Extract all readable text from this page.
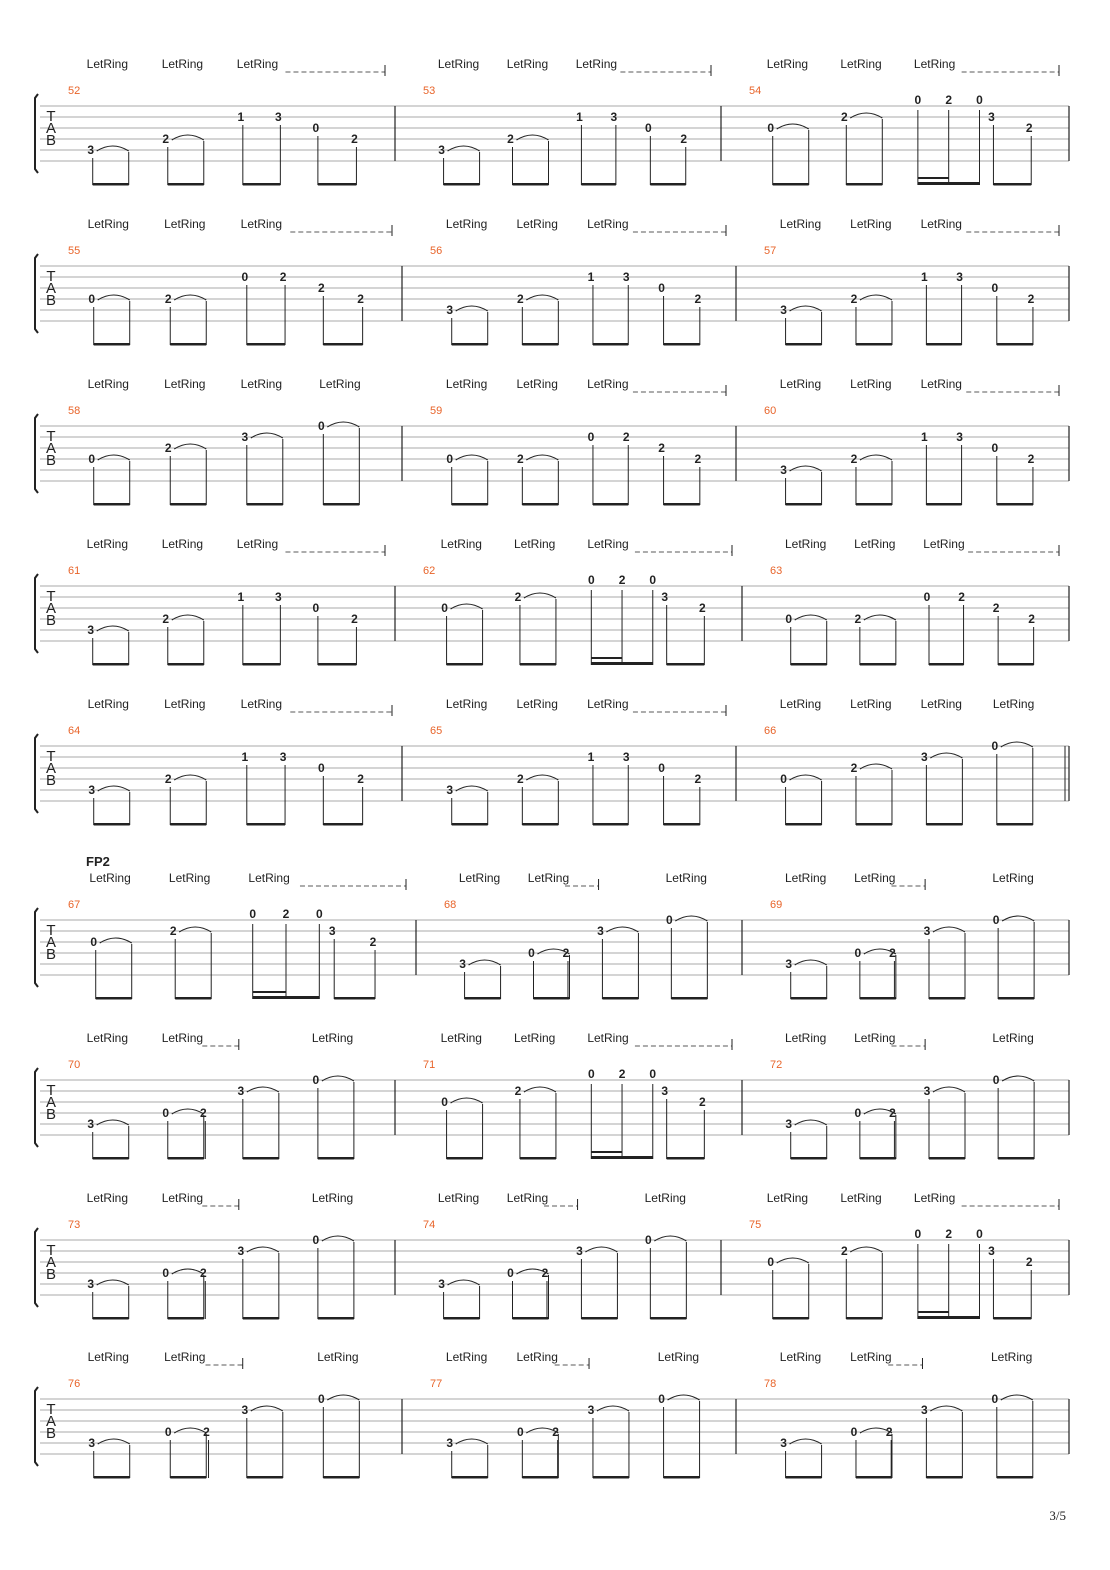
T
A
B
52
3
2
1	3
0
2
LetRing	LetRing	LetRing
53
3
2
1 3
0
2
LetRing LetRing LetRing
54
0
2
0 2 0
3
2
LetRing	LetRing	LetRing
T
A
B
55
0	2
0	2
2
2
LetRing	LetRing	LetRing
56
3
2
1 3
0
2
LetRing LetRing LetRing
57
3
2
1 3
0
2
LetRing LetRing LetRing
T
A
B
58
0
2
3
0
LetRing	LetRing	LetRing	LetRing
59
0	2
0 2
2
2
LetRing LetRing LetRing
60
3
2
1 3
0
2
LetRing LetRing LetRing
T
A
B
61
3
2
1	3
0
2
LetRing	LetRing	LetRing
62
0
2
0 2 0
3
2
LetRing	LetRing	LetRing
63
0	2
0 2
2
2
LetRing LetRing LetRing
T
A
B
64
3
2
1	3
0
2
LetRing	LetRing	LetRing
65
3
2
1 3
0
2
LetRing LetRing LetRing
66
0
2
3
0
LetRing LetRing LetRing	LetRing
T
A
B
FP2
67
0
2
0 2 0
3
2
LetRing	LetRing	LetRing
68
3
0 2
3
0
LetRing LetRing	LetRing
69
3
0 2
3
0
LetRing LetRing	LetRing
T
A
B
70
3
0	2
3
0
LetRing	LetRing	LetRing
71
0
2
0 2 0
3
2
LetRing	LetRing	LetRing
72
3
0 2
3
0
LetRing LetRing	LetRing
T
A
B
73
3
0	2
3
0
LetRing	LetRing	LetRing
74
3
0 2
3
0
LetRing LetRing	LetRing
75
0
2
0 2 0
3
2
LetRing	LetRing	LetRing
T
A
B
76
3
0	2
3
0
LetRing	LetRing	LetRing
77
3
0 2
3
0
LetRing LetRing	LetRing
78
3
0 2
3
0
LetRing LetRing	LetRing
3/5
